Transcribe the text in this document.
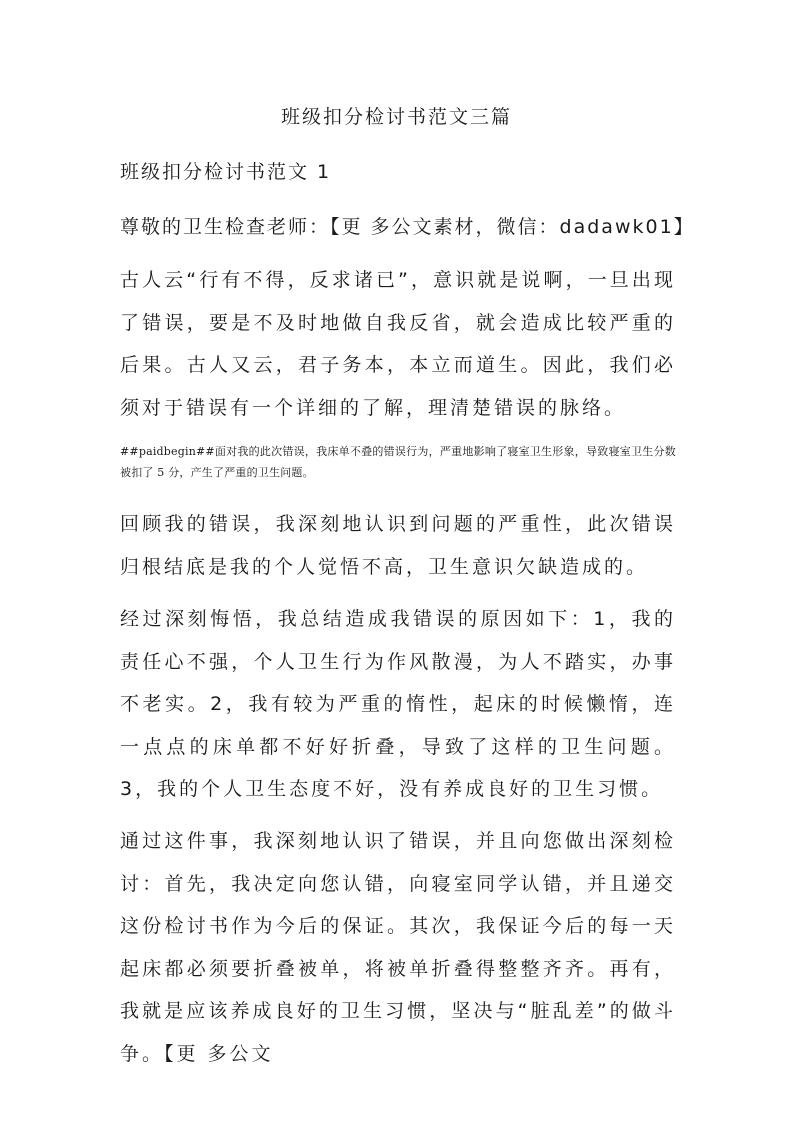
班级扣分检讨书范文三篇
班级扣分检讨书范文 1
尊敬的卫生检查老师：【更 多公文素材，微信：dadawk01】

古人云“行有不得，反求诸已”，意识就是说啊，一旦出现了错误，要是不及时地做自我反省，就会造成比较严重的后果。古人又云，君子务本，本立而道生。因此，我们必须对于错误有一个详细的了解，理清楚错误的脉络。

##paidbegin##面对我的此次错误，我床单不叠的错误行为，严重地影响了寝室卫生形象，导致寝室卫生分数被扣了 5 分，产生了严重的卫生问题。

回顾我的错误，我深刻地认识到问题的严重性，此次错误归根结底是我的个人觉悟不高，卫生意识欠缺造成的。

经过深刻悔悟，我总结造成我错误的原因如下：1，我的责任心不强，个人卫生行为作风散漫，为人不踏实，办事不老实。2，我有较为严重的惰性，起床的时候懒惰，连一点点的床单都不好好折叠，导致了这样的卫生问题。3，我的个人卫生态度不好，没有养成良好的卫生习惯。

通过这件事，我深刻地认识了错误，并且向您做出深刻检讨：首先，我决定向您认错，向寝室同学认错，并且递交这份检讨书作为今后的保证。其次，我保证今后的每一天起床都必须要折叠被单，将被单折叠得整整齐齐。再有，我就是应该养成良好的卫生习惯，坚决与“脏乱差”的做斗争。【更 多公文
